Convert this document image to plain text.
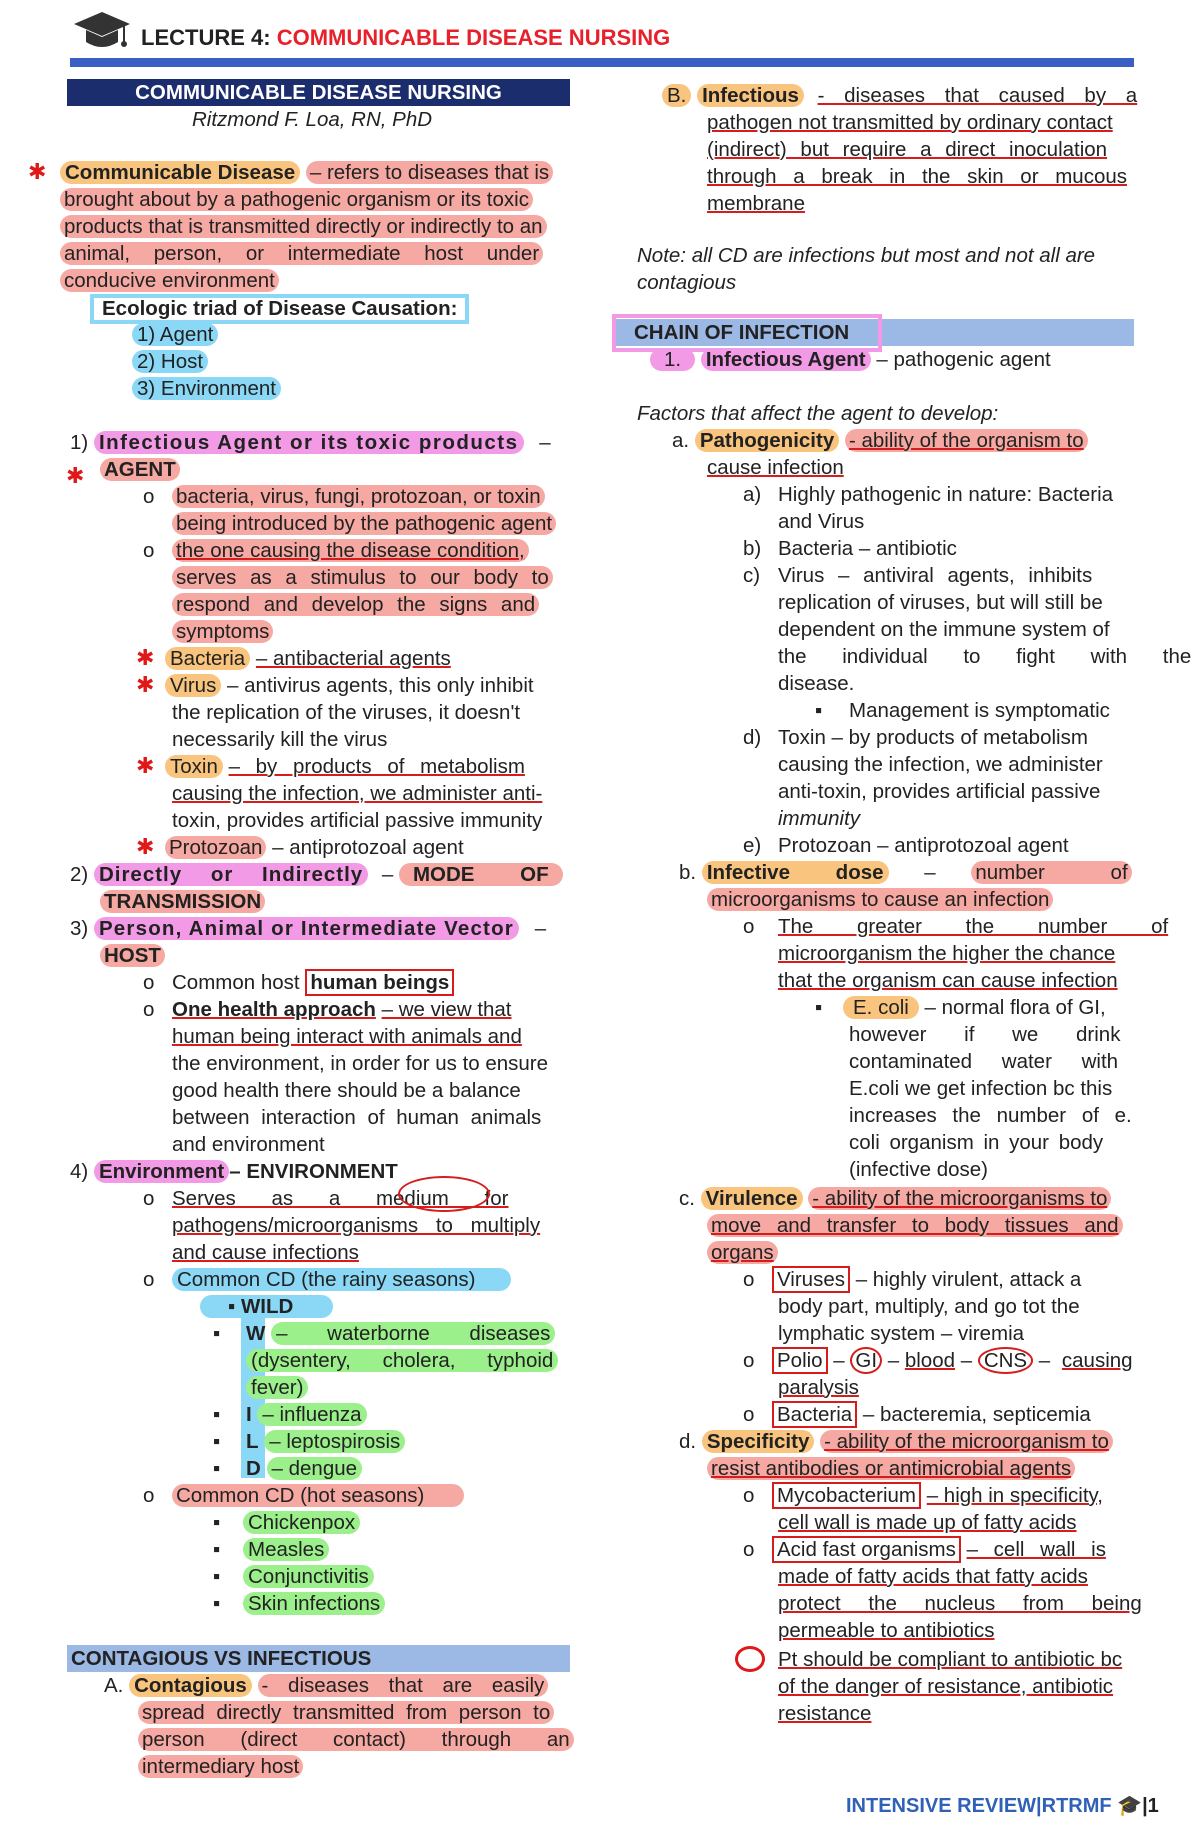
LECTURE 4: COMMUNICABLE DISEASE NURSING
COMMUNICABLE DISEASE NURSING
Ritzmond F. Loa, RN, PhD
✱ Communicable Disease – refers to diseases that is
brought about by a pathogenic organism or its toxic
products that is transmitted directly or indirectly to an
animal, person, or intermediate host under
conducive environment
Ecologic triad of Disease Causation:
1) Agent
2) Host
3) Environment
1) Infectious Agent or its toxic products –
✱ AGENT
o bacteria, virus, fungi, protozoan, or toxin
being introduced by the pathogenic agent
o the one causing the disease condition,
serves as a stimulus to our body to
respond and develop the signs and
symptoms
✱ Bacteria – antibacterial agents
✱ Virus – antivirus agents, this only inhibit
the replication of the viruses, it doesn't
necessarily kill the virus
✱ Toxin – by products of metabolism
causing the infection, we administer anti-
toxin, provides artificial passive immunity
✱ Protozoan – antiprotozoal agent
2) Directly or Indirectly – MODE OF
TRANSMISSION
3) Person, Animal or Intermediate Vector –
HOST
o Common host human beings
o One health approach – we view that
human being interact with animals and
the environment, in order for us to ensure
good health there should be a balance
between interaction of human animals
and environment
4) Environment – ENVIRONMENT
o Serves as a medium for
pathogens/microorganisms to multiply
and cause infections
o Common CD (the rainy seasons)
▪ WILD
▪ W – waterborne diseases
(dysentery, cholera, typhoid
fever)
▪ I – influenza
▪ L – leptospirosis
▪ D – dengue
o Common CD (hot seasons)
▪ Chickenpox
▪ Measles
▪ Conjunctivitis
▪ Skin infections
CONTAGIOUS VS INFECTIOUS
A. Contagious - diseases that are easily
spread directly transmitted from person to
person (direct contact) through an
intermediary host
B. Infectious - diseases that caused by a
pathogen not transmitted by ordinary contact
(indirect) but require a direct inoculation
through a break in the skin or mucous
membrane
Note: all CD are infections but most and not all are
contagious
CHAIN OF INFECTION
1. Infectious Agent – pathogenic agent
Factors that affect the agent to develop:
a. Pathogenicity - ability of the organism to
cause infection
a) Highly pathogenic in nature: Bacteria
and Virus
b) Bacteria – antibiotic
c) Virus – antiviral agents, inhibits
replication of viruses, but will still be
dependent on the immune system of
the individual to fight with the
disease.
▪ Management is symptomatic
d) Toxin – by products of metabolism
causing the infection, we administer
anti-toxin, provides artificial passive
immunity
e) Protozoan – antiprotozoal agent
b. Infective dose – number of
microorganisms to cause an infection
o The greater the number of
microorganism the higher the chance
that the organism can cause infection
▪	E. coli – normal flora of GI,
however if we drink
contaminated water with
E.coli we get infection bc this
increases the number of e.
coli organism in your body
(infective dose)
c. Virulence - ability of the microorganisms to
move and transfer to body tissues and
organs
o Viruses – highly virulent, attack a
body part, multiply, and go tot the
lymphatic system – viremia
o Polio – GI – blood – CNS – causing
paralysis
o Bacteria – bacteremia, septicemia
d. Specificity - ability of the microorganism to
resist antibodies or antimicrobial agents
o Mycobacterium – high in specificity,
cell wall is made up of fatty acids
o Acid fast organisms – cell wall is
made of fatty acids that fatty acids
protect the nucleus from being
permeable to antibiotics
Pt should be compliant to antibiotic bc
of the danger of resistance, antibiotic
resistance
INTENSIVE REVIEW|RTRMF 🎓|1
